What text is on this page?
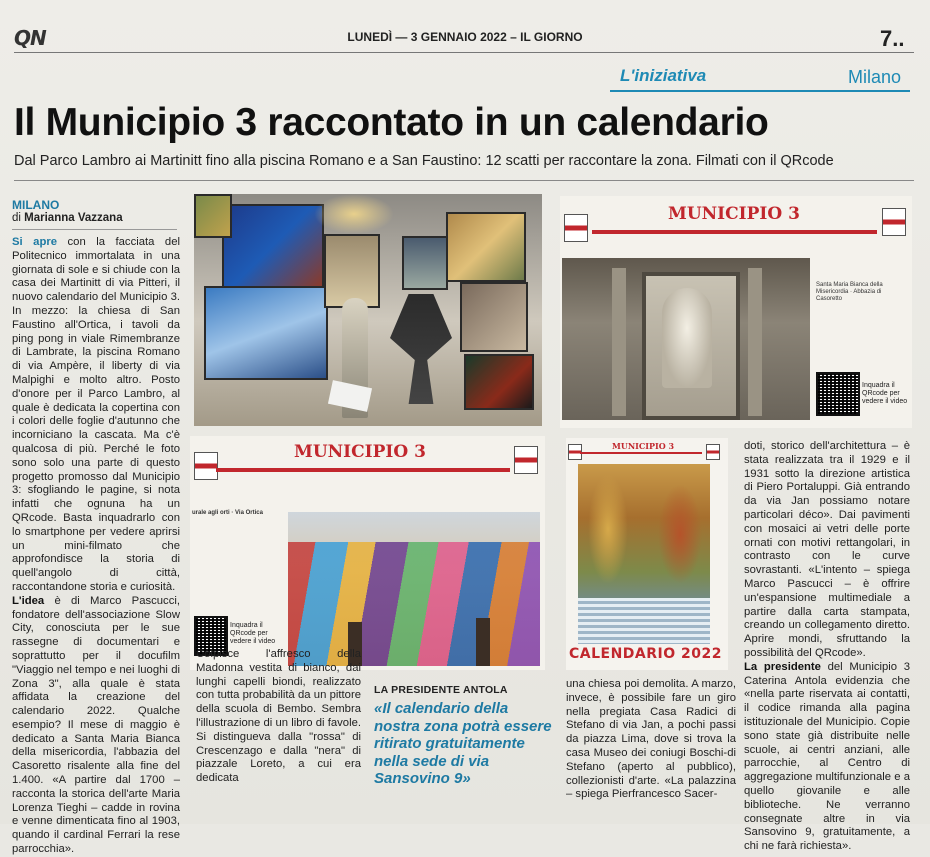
QN	LUNEDÌ — 3 GENNAIO 2022 – IL GIORNO	7..
L'iniziativa	Milano
Il Municipio 3 raccontato in un calendario
Dal Parco Lambro ai Martinitt fino alla piscina Romano e a San Faustino: 12 scatti per raccontare la zona. Filmati con il QRcode
MILANO
di Marianna Vazzana

Si apre con la facciata del Politecnico immortalata in una giornata di sole e si chiude con la casa dei Martinitt di via Pitteri, il nuovo calendario del Municipio 3. In mezzo: la chiesa di San Faustino all'Ortica, i tavoli da ping pong in viale Rimembranze di Lambrate, la piscina Romano di via Ampère, il liberty di via Malpighi e molto altro. Posto d'onore per il Parco Lambro, al quale è dedicata la copertina con i colori delle foglie d'autunno che incorniciano la cascata. Ma c'è qualcosa di più. Perché le foto sono solo una parte di questo progetto promosso dal Municipio 3: sfogliando le pagine, si nota infatti che ognuna ha un QRcode. Basta inquadrarlo con lo smartphone per vedere aprirsi un mini-filmato che approfondisce la storia di quell'angolo di città, raccontandone storia e curiosità.

L'idea è di Marco Pascucci, fondatore dell'associazione Slow City, conosciuta per le sue rassegne di documentari e soprattutto per il docufilm "Viaggio nel tempo e nei luoghi di Zona 3", alla quale è stata affidata la creazione del calendario 2022. Qualche esempio? Il mese di maggio è dedicato a Santa Maria Bianca della misericordia, l'abbazia del Casoretto risalente alla fine del 1.400. «A partire dal 1700 – racconta la storica dell'arte Maria Lorenza Tieghi – cadde in rovina e venne dimenticata fino al 1903, quando il cardinal Ferrari la rese parrocchia».

MUNICIPIO 3
Santa Maria Bianca della Misericordia · Abbazia di Casoretto
Inquadra il QRcode per vedere il video
MUNICIPIO 3
urale agli orti · Via Ortica
Inquadra il QRcode per vedere il video
MUNICIPIO 3
CALENDARIO 2022

Colpisce l'affresco della Madonna vestita di bianco, dai lunghi capelli biondi, realizzato con tutta probabilità da un pittore della scuola di Bembo. Sembra l'illustrazione di un libro di favole. Si distingueva dalla "rossa" di Crescenzago e dalla "nera" di piazzale Loreto, a cui era dedicata

LA PRESIDENTE ANTOLA
«Il calendario della nostra zona potrà essere ritirato gratuitamente nella sede di via Sansovino 9»

una chiesa poi demolita. A marzo, invece, è possibile fare un giro nella pregiata Casa Radici di Stefano di via Jan, a pochi passi da piazza Lima, dove si trova la casa Museo dei coniugi Boschi-di Stefano (aperto al pubblico), collezionisti d'arte. «La palazzina – spiega Pierfrancesco Sacer-

doti, storico dell'architettura – è stata realizzata tra il 1929 e il 1931 sotto la direzione artistica di Piero Portaluppi. Già entrando da via Jan possiamo notare particolari déco». Dai pavimenti con mosaici ai vetri delle porte ornati con motivi rettangolari, in contrasto con le curve sovrastanti. «L'intento – spiega Marco Pascucci – è offrire un'espansione multimediale a partire dalla carta stampata, creando un collegamento diretto. Aprire mondi, sfruttando la possibilità del QRcode».

La presidente del Municipio 3 Caterina Antola evidenzia che «nella parte riservata ai contatti, il codice rimanda alla pagina istituzionale del Municipio. Copie sono state già distribuite nelle scuole, ai centri anziani, alle parrocchie, al Centro di aggregazione multifunzionale e a quello giovanile e alle biblioteche. Ne verranno consegnate altre in via Sansovino 9, gratuitamente, a chi ne farà richiesta».
